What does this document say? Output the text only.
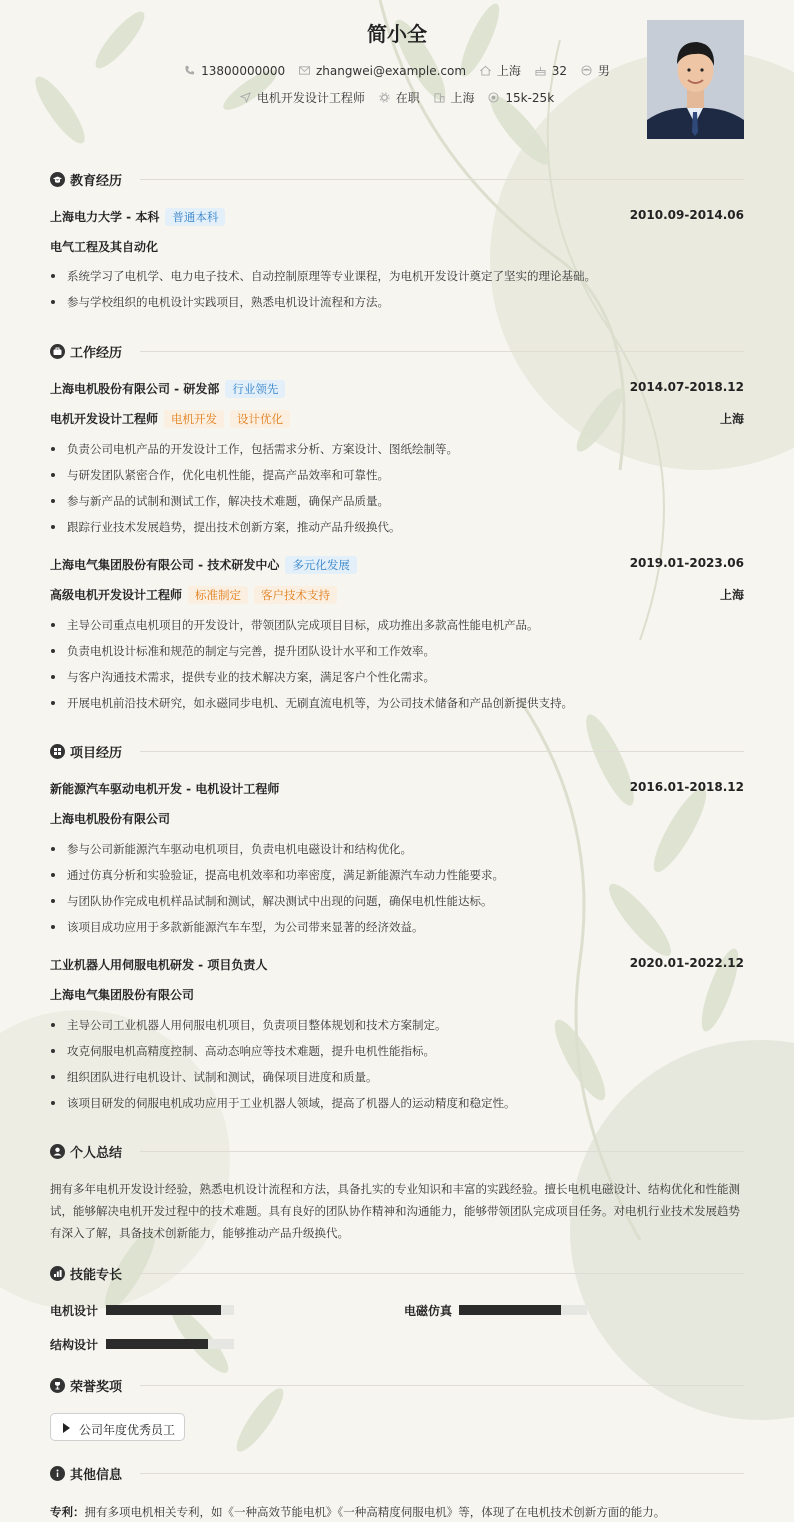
简小全
13800000000	zhangwei@example.com	上海	32	男
电机开发设计工程师	在职	上海	15k-25k
教育经历
上海电力大学 - 本科 普通本科	2010.09-2014.06
电气工程及其自动化
系统学习了电机学、电力电子技术、自动控制原理等专业课程，为电机开发设计奠定了坚实的理论基础。
参与学校组织的电机设计实践项目，熟悉电机设计流程和方法。
工作经历
上海电机股份有限公司 - 研发部 行业领先	2014.07-2018.12
电机开发设计工程师 电机开发 设计优化	上海
负责公司电机产品的开发设计工作，包括需求分析、方案设计、图纸绘制等。
与研发团队紧密合作，优化电机性能，提高产品效率和可靠性。
参与新产品的试制和测试工作，解决技术难题，确保产品质量。
跟踪行业技术发展趋势，提出技术创新方案，推动产品升级换代。
上海电气集团股份有限公司 - 技术研发中心 多元化发展	2019.01-2023.06
高级电机开发设计工程师 标准制定 客户技术支持	上海
主导公司重点电机项目的开发设计，带领团队完成项目目标，成功推出多款高性能电机产品。
负责电机设计标准和规范的制定与完善，提升团队设计水平和工作效率。
与客户沟通技术需求，提供专业的技术解决方案，满足客户个性化需求。
开展电机前沿技术研究，如永磁同步电机、无刷直流电机等，为公司技术储备和产品创新提供支持。
项目经历
新能源汽车驱动电机开发 - 电机设计工程师	2016.01-2018.12
上海电机股份有限公司
参与公司新能源汽车驱动电机项目，负责电机电磁设计和结构优化。
通过仿真分析和实验验证，提高电机效率和功率密度，满足新能源汽车动力性能要求。
与团队协作完成电机样品试制和测试，解决测试中出现的问题，确保电机性能达标。
该项目成功应用于多款新能源汽车车型，为公司带来显著的经济效益。
工业机器人用伺服电机研发 - 项目负责人	2020.01-2022.12
上海电气集团股份有限公司
主导公司工业机器人用伺服电机项目，负责项目整体规划和技术方案制定。
攻克伺服电机高精度控制、高动态响应等技术难题，提升电机性能指标。
组织团队进行电机设计、试制和测试，确保项目进度和质量。
该项目研发的伺服电机成功应用于工业机器人领域，提高了机器人的运动精度和稳定性。
个人总结
拥有多年电机开发设计经验，熟悉电机设计流程和方法，具备扎实的专业知识和丰富的实践经验。擅长电机电磁设计、结构优化和性能测试，能够解决电机开发过程中的技术难题。具有良好的团队协作精神和沟通能力，能够带领团队完成项目任务。对电机行业技术发展趋势有深入了解，具备技术创新能力，能够推动产品升级换代。
技能专长
电机设计	电磁仿真
结构设计
荣誉奖项
公司年度优秀员工
其他信息
专利：拥有多项电机相关专利，如《一种高效节能电机》《一种高精度伺服电机》等，体现了在电机技术创新方面的能力。
